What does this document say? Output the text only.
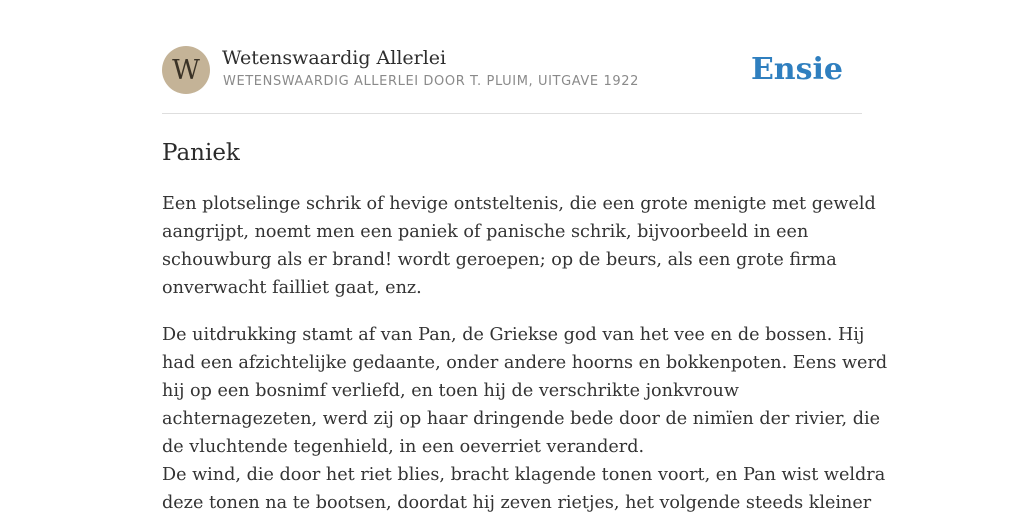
W	Wetenswaardig Allerlei
WETENSWAARDIG ALLERLEI DOOR T. PLUIM, UITGAVE 1922	Ensie
Paniek

Een plotselinge schrik of hevige ontsteltenis, die een grote menigte met geweld
aangrijpt, noemt men een paniek of panische schrik, bijvoorbeeld in een
schouwburg als er brand! wordt geroepen; op de beurs, als een grote firma
onverwacht failliet gaat, enz.

De uitdrukking stamt af van Pan, de Griekse god van het vee en de bossen. Hij
had een afzichtelijke gedaante, onder andere hoorns en bokkenpoten. Eens werd
hij op een bosnimf verliefd, en toen hij de verschrikte jonkvrouw
achternagezeten, werd zij op haar dringende bede door de nimïen der rivier, die
de vluchtende tegenhield, in een oeverriet veranderd.
De wind, die door het riet blies, bracht klagende tonen voort, en Pan wist weldra
deze tonen na te bootsen, doordat hij zeven rietjes, het volgende steeds kleiner
